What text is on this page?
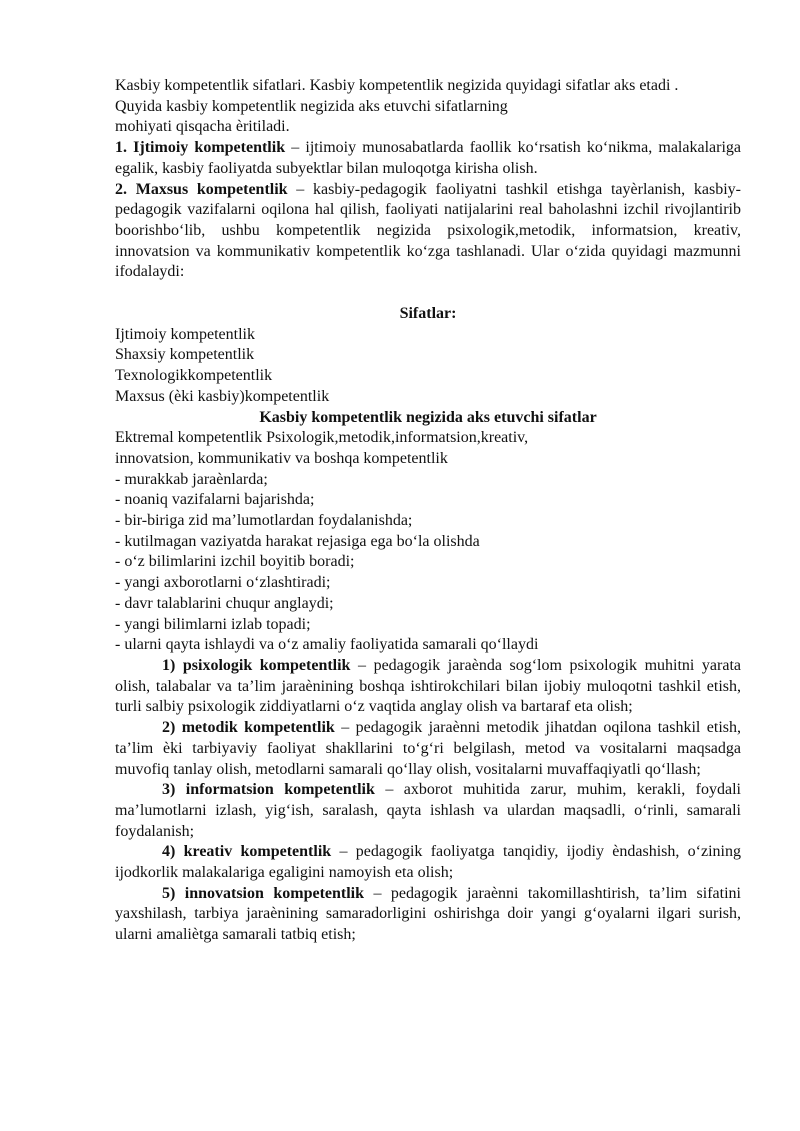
Kasbiy kompetentlik sifatlari. Kasbiy kompetentlik negizida quyidagi sifatlar aks etadi .

Quyida kasbiy kompetentlik negizida aks etuvchi sifatlarning

mohiyati qisqacha èritiladi.

1. Ijtimoiy kompetentlik – ijtimoiy munosabatlarda faollik ko‘rsatish ko‘nikma, malakalariga egalik, kasbiy faoliyatda subyektlar bilan muloqotga kirisha olish.

2. Maxsus kompetentlik – kasbiy-pedagogik faoliyatni tashkil etishga tayèrlanish, kasbiy-pedagogik vazifalarni oqilona hal qilish, faoliyati natijalarini real baholashni izchil rivojlantirib boorishbo‘lib, ushbu kompetentlik negizida psixologik,metodik, informatsion, kreativ, innovatsion va kommunikativ kompetentlik ko‘zga tashlanadi. Ular o‘zida quyidagi mazmunni ifodalaydi:

Sifatlar:

Ijtimoiy kompetentlik

Shaxsiy kompetentlik

Texnologikkompetentlik

Maxsus (èki kasbiy)kompetentlik

Kasbiy kompetentlik negizida aks etuvchi sifatlar

Ektremal kompetentlik Psixologik,metodik,informatsion,kreativ,

innovatsion, kommunikativ va boshqa kompetentlik

- murakkab jaraènlarda;

- noaniq vazifalarni bajarishda;

- bir-biriga zid ma’lumotlardan foydalanishda;

- kutilmagan vaziyatda harakat rejasiga ega bo‘la olishda

- o‘z bilimlarini izchil boyitib boradi;

- yangi axborotlarni o‘zlashtiradi;

- davr talablarini chuqur anglaydi;

- yangi bilimlarni izlab topadi;

- ularni qayta ishlaydi va o‘z amaliy faoliyatida samarali qo‘llaydi

1) psixologik kompetentlik – pedagogik jaraènda sog‘lom psixologik muhitni yarata olish, talabalar va ta’lim jaraènining boshqa ishtirokchilari bilan ijobiy muloqotni tashkil etish, turli salbiy psixologik ziddiyatlarni o‘z vaqtida anglay olish va bartaraf eta olish;

2) metodik kompetentlik – pedagogik jaraènni metodik jihatdan oqilona tashkil etish, ta’lim èki tarbiyaviy faoliyat shakllarini to‘g‘ri belgilash, metod va vositalarni maqsadga muvofiq tanlay olish, metodlarni samarali qo‘llay olish, vositalarni muvaffaqiyatli qo‘llash;

3) informatsion kompetentlik – axborot muhitida zarur, muhim, kerakli, foydali ma’lumotlarni izlash, yig‘ish, saralash, qayta ishlash va ulardan maqsadli, o‘rinli, samarali foydalanish;

4) kreativ kompetentlik – pedagogik faoliyatga tanqidiy, ijodiy èndashish, o‘zining ijodkorlik malakalariga egaligini namoyish eta olish;

5) innovatsion kompetentlik – pedagogik jaraènni takomillashtirish, ta’lim sifatini yaxshilash, tarbiya jaraènining samaradorligini oshirishga doir yangi g‘oyalarni ilgari surish, ularni amaliètga samarali tatbiq etish;
